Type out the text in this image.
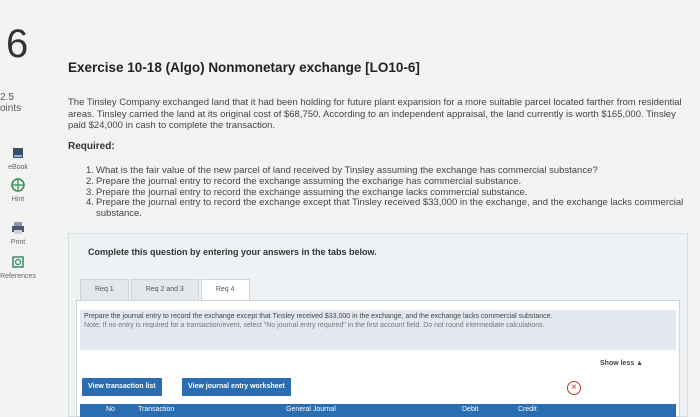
6
2.5
oints
eBook
Hint
Print
References
Exercise 10-18 (Algo) Nonmonetary exchange [LO10-6]
The Tinsley Company exchanged land that it had been holding for future plant expansion for a more suitable parcel located farther from residential areas. Tinsley carried the land at its original cost of $68,750. According to an independent appraisal, the land currently is worth $165,000. Tinsley paid $24,000 in cash to complete the transaction.
Required:
1. What is the fair value of the new parcel of land received by Tinsley assuming the exchange has commercial substance?
2. Prepare the journal entry to record the exchange assuming the exchange has commercial substance.
3. Prepare the journal entry to record the exchange assuming the exchange lacks commercial substance.
4. Prepare the journal entry to record the exchange except that Tinsley received $33,000 in the exchange, and the exchange lacks commercial substance.
Complete this question by entering your answers in the tabs below.
Req 1	Req 2 and 3	Req 4
Prepare the journal entry to record the exchange except that Tinsley received $33,000 in the exchange, and the exchange lacks commercial substance.
Note: If no entry is required for a transaction/event, select "No journal entry required" in the first account field. Do not round intermediate calculations.
Show less ▲
View transaction list	View journal entry worksheet	×
No	Transaction	General Journal	Debit	Credit
